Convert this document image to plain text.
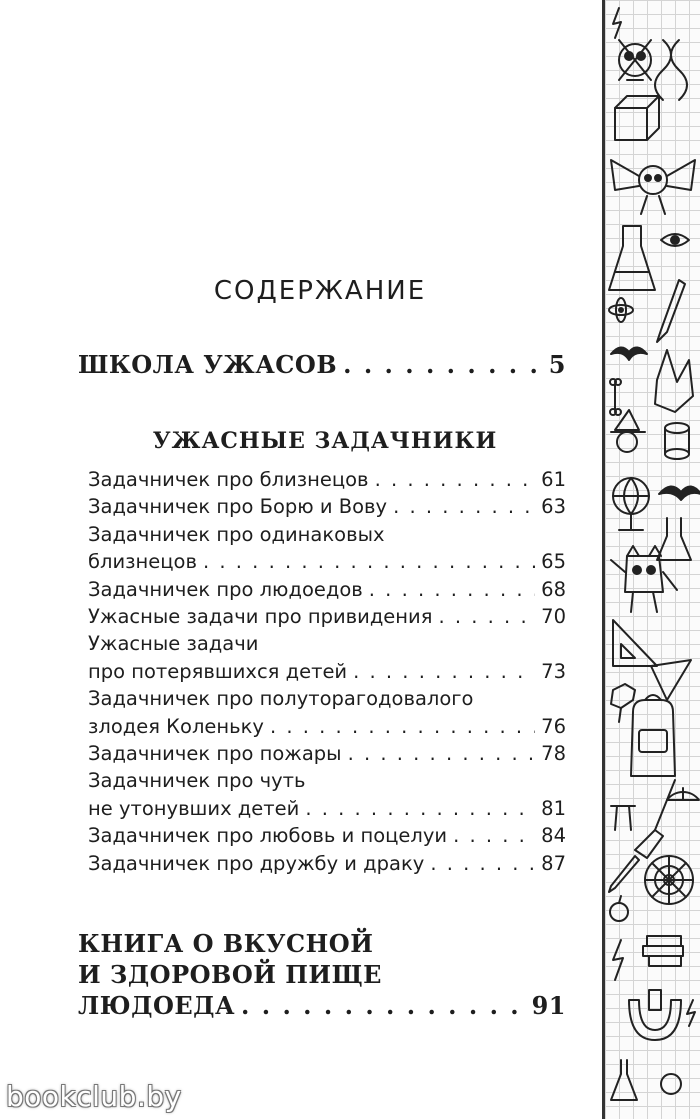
СОДЕРЖАНИЕ
ШКОЛА УЖАСОВ . . .	5
УЖАСНЫЕ ЗАДАЧНИКИ
Задачничек про близнецов . . .	61
Задачничек про Борю и Вову . . .	63
Задачничек про одинаковых
близнецов . . .	65
Задачничек про людоедов . . .	68
Ужасные задачи про привидения . . .	70
Ужасные задачи
про потерявшихся детей . . .	73
Задачничек про полуторагодовалого
злодея Коленьку . . .	76
Задачничек про пожары . . .	78
Задачничек про чуть
не утонувших детей . . .	81
Задачничек про любовь и поцелуи . . .	84
Задачничек про дружбу и драку . . .	87
КНИГА О ВКУСНОЙ
И ЗДОРОВОЙ ПИЩЕ
ЛЮДОЕДА . . .	91
bookclub.by
